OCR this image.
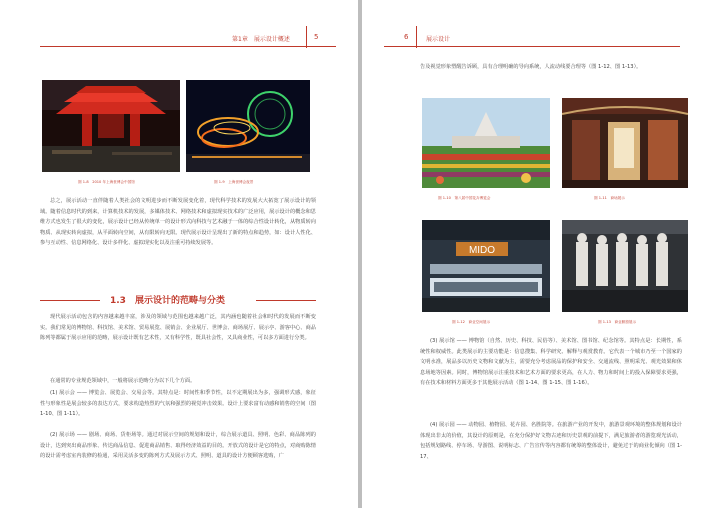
第1章　展示设计概述	5
图 1-8　2010 年上海世博会中国馆	图 1-9　上海世博会夜景

总之，展示活动一直伴随着人类社会的文明进步而不断发展变化着，现代科学技术的发展大大拓宽了展示设计的领域。随着信息时代的到来，计算机技术的发展，多媒体技术、网络技术和虚拟现实技术的广泛应用，展示设计的概念和思维方式也发生了很大的变化，展示设计已经从传统单一的设计形式向科技与艺术融于一体的综合性设计转化，从物质转向物质、从现实转向虚拟，从平面转向空间，从有限转向无限。现代展示设计呈现出了新的特点和趋势，如：设计人性化、参与互动性、信息网络化、设计多样化、虚拟现实化以及注重可持续发展等。

1.3　展示设计的范畴与分类

现代展示活动包含的内容越来越丰富，涉及的领域与范围也越来越广泛，其内涵也随着社会和时代的发展而不断变实。我们常见的博物馆、科技馆、美术馆、贸易展览、展销会、企业展厅、世博会、商场展厅、展示亭、游客中心、商品陈列等都属于展示应用的范畴，展示设计既有艺术性，又有科学性，既具社会性，又具商业性，可以多方面进行分类。

在通常的专业规范领域中，一般将展示范畴分为以下几个方面。

(1) 展示会 —— 博览会、展览会、交易会等。其特点是：时间性和季节性，以不定期展出为多，强调形式感，象征性与形象性是展会较多的表达方式，要求构造热烈的气氛和强烈的视觉冲击效果。设计上要求富有动感和销售的空间（图 1-10、图 1-11）。

(2) 展示场 —— 剧场、商场、货柜场等。通过对展示空间的规划和设计，综合展示道具、照明、色彩、商品陈列的设计，达到突出商品形象、传达商品信息、促进商品销售、取得经济效益的目的。开放式的设计是它的特点，对商购陈情的设计需考虑室内装修的检通，采用灵活多变的陈列方式及展示方式、照明、道具的设计方便顾客选购，广

6	展示设计

告及视觉形象塑醒告诉顾，具有合理明确的导向系统，人流动线要合理等（图 1-12、图 1-13）。

图 1-10　第八届中国花卉博览会	图 1-11　商场展示
MIDO
图 1-12　商业空间展示	图 1-13　商业橱窗展示

(3) 展示馆 —— 博物馆（自然、历史、科技、民俗等）、美术馆、图书馆、纪念馆等。其特点是：长期性，系统性和权威性。此类展示的主要功能是：信息搜集、科学研究、解释与观赏教育。它代表一个城市乃至一个国家的文明水准，展品多以历史文物和文献为主，需要充分考虑展品的保护和安全、交通流线、照明采光、观光效果和休息场地等因素。同时，博物馆展示注重技术和艺术方面的要求更高，在人力、物力和时间上的投入保障要求更强，有在技术和材料方面更多于其他展示活动（图 1-14、图 1-15、图 1-16）。

(4) 展示园 —— 动物园、植物园、花卉园、名胜院等。在旅游产业的开发中，旅游景观环境的整体规划和设计体现出非太的价值，其设计的原则是，在充分保护好文物古迹和历史景观的前提下，满足旅游者的游览观光活动，包括规划路线、停车场、导游图、说明标志、广告宣传等内容都有统筹的整体设计，避免过于的商业化倾向（图 1-17、
